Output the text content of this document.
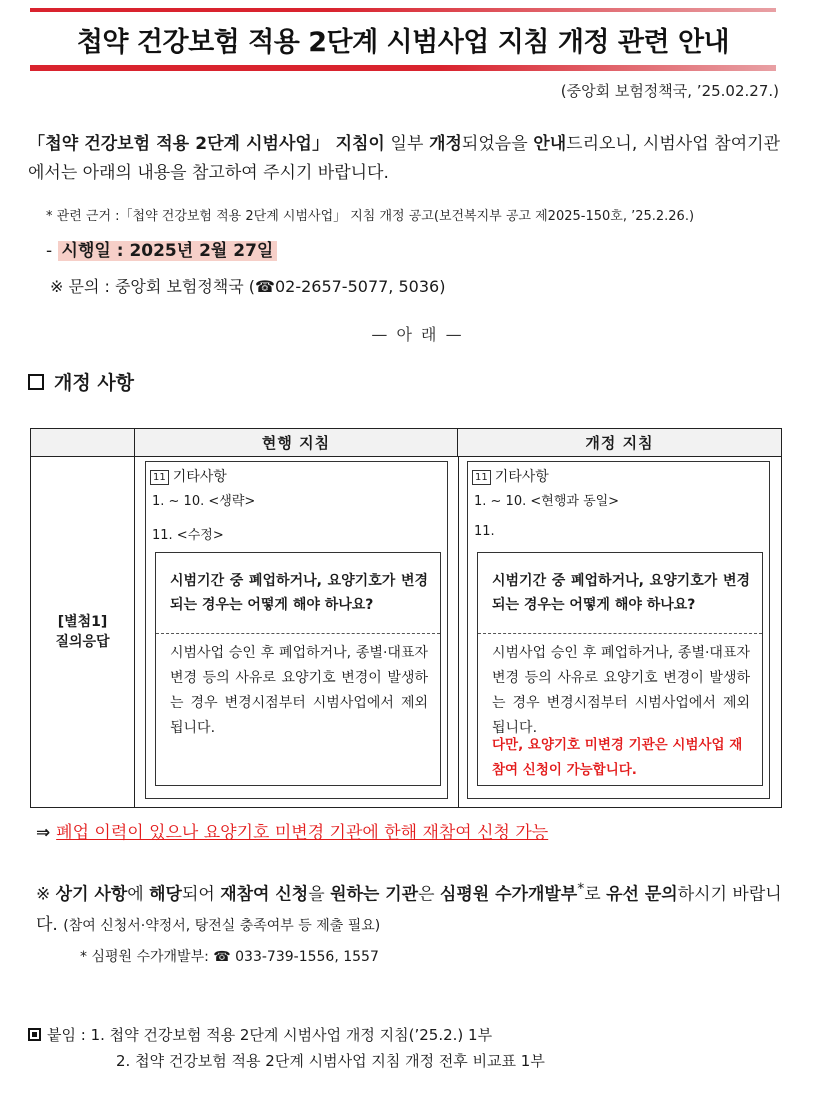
첩약 건강보험 적용 2단계 시범사업 지침 개정 관련 안내
(중앙회 보험정책국, ’25.02.27.)
「첩약 건강보험 적용 2단계 시범사업」 지침이 일부 개정되었음을 안내드리오니, 시범사업 참여기관에서는 아래의 내용을 참고하여 주시기 바랍니다.
* 관련 근거 :「첩약 건강보험 적용 2단계 시범사업」 지침 개정 공고(보건복지부 공고 제2025-150호, ’25.2.26.)
- 시행일 : 2025년 2월 27일
※ 문의 : 중앙회 보험정책국 (☎02-2657-5077, 5036)
— 아 래 —
개정 사항
현행 지침	개정 지침
[별첨1]
질의응답
11 기타사항
1. ~ 10. <생략>
11. <수정>
시범기간 중 폐업하거나, 요양기호가 변경되는 경우는 어떻게 해야 하나요?
시범사업 승인 후 폐업하거나, 종별·대표자 변경 등의 사유로 요양기호 변경이 발생하는 경우 변경시점부터 시범사업에서 제외됩니다.
11 기타사항
1. ~ 10. <현행과 동일>
11.
시범기간 중 폐업하거나, 요양기호가 변경되는 경우는 어떻게 해야 하나요?
시범사업 승인 후 폐업하거나, 종별·대표자 변경 등의 사유로 요양기호 변경이 발생하는 경우 변경시점부터 시범사업에서 제외됩니다.
다만, 요양기호 미변경 기관은 시범사업 재참여 신청이 가능합니다.
⇒ 폐업 이력이 있으나 요양기호 미변경 기관에 한해 재참여 신청 가능
※ 상기 사항에 해당되어 재참여 신청을 원하는 기관은 심평원 수가개발부*로 유선 문의하시기 바랍니다. (참여 신청서·약정서, 탕전실 충족여부 등 제출 필요)
* 심평원 수가개발부: ☎ 033-739-1556, 1557
붙임 : 1. 첩약 건강보험 적용 2단계 시범사업 개정 지침(’25.2.) 1부
2. 첩약 건강보험 적용 2단계 시범사업 지침 개정 전후 비교표 1부
